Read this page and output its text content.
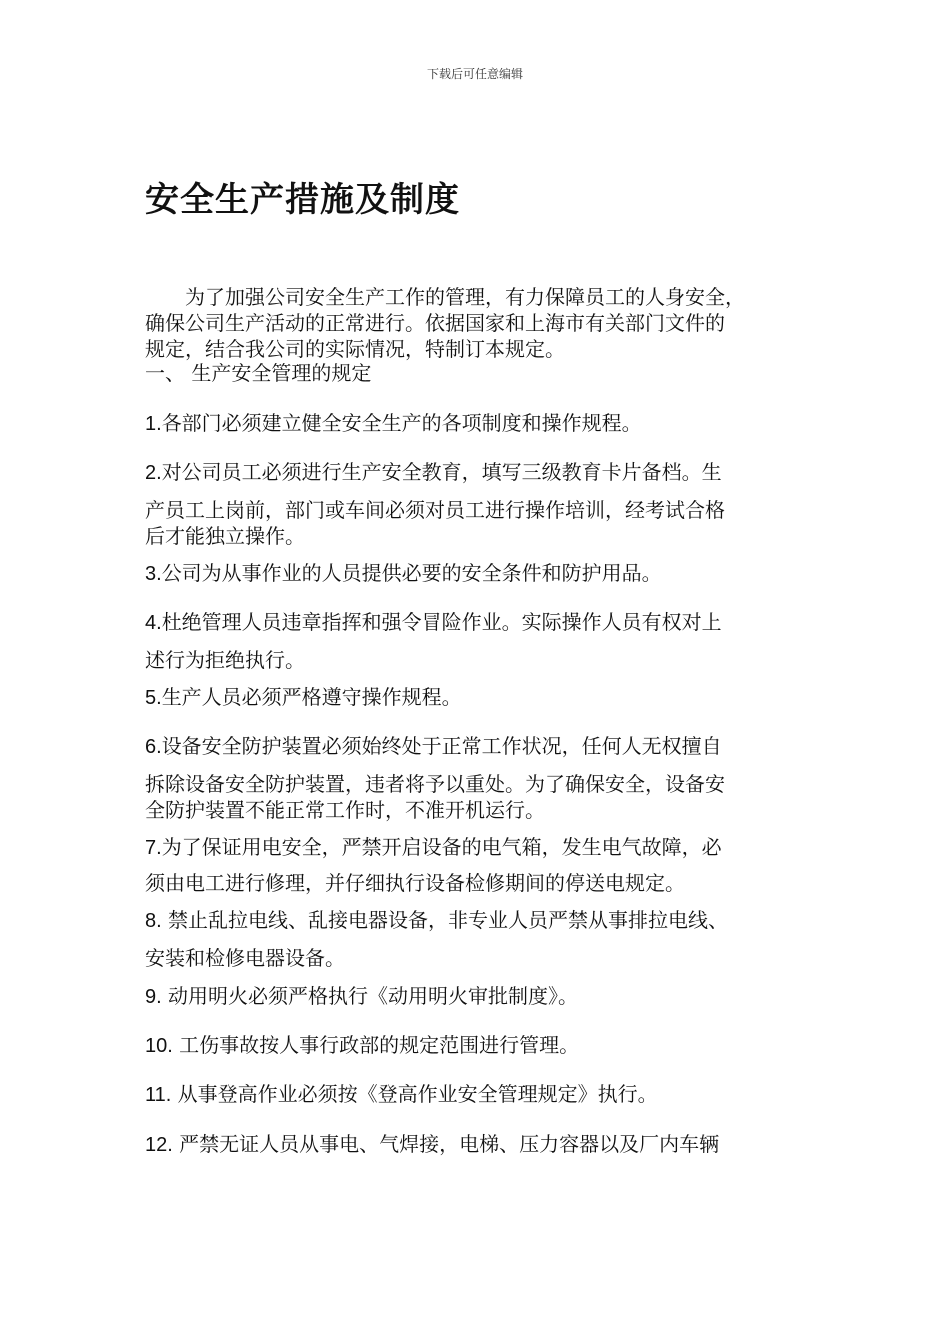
下载后可任意编辑
安全生产措施及制度
为了加强公司安全生产工作的管理，有力保障员工的人身安全，
确保公司生产活动的正常进行。依据国家和上海市有关部门文件的
规定，结合我公司的实际情况，特制订本规定。
一、 生产安全管理的规定
1.各部门必须建立健全安全生产的各项制度和操作规程。
2.对公司员工必须进行生产安全教育，填写三级教育卡片备档。生
产员工上岗前，部门或车间必须对员工进行操作培训，经考试合格
后才能独立操作。
3.公司为从事作业的人员提供必要的安全条件和防护用品。
4.杜绝管理人员违章指挥和强令冒险作业。实际操作人员有权对上
述行为拒绝执行。
5.生产人员必须严格遵守操作规程。
6.设备安全防护装置必须始终处于正常工作状况，任何人无权擅自
拆除设备安全防护装置，违者将予以重处。为了确保安全，设备安
全防护装置不能正常工作时，不准开机运行。
7.为了保证用电安全，严禁开启设备的电气箱，发生电气故障，必
须由电工进行修理，并仔细执行设备检修期间的停送电规定。
8. 禁止乱拉电线、乱接电器设备，非专业人员严禁从事排拉电线、
安装和检修电器设备。
9. 动用明火必须严格执行《动用明火审批制度》。
10. 工伤事故按人事行政部的规定范围进行管理。
11. 从事登高作业必须按《登高作业安全管理规定》执行。
12. 严禁无证人员从事电、气焊接，电梯、压力容器以及厂内车辆
